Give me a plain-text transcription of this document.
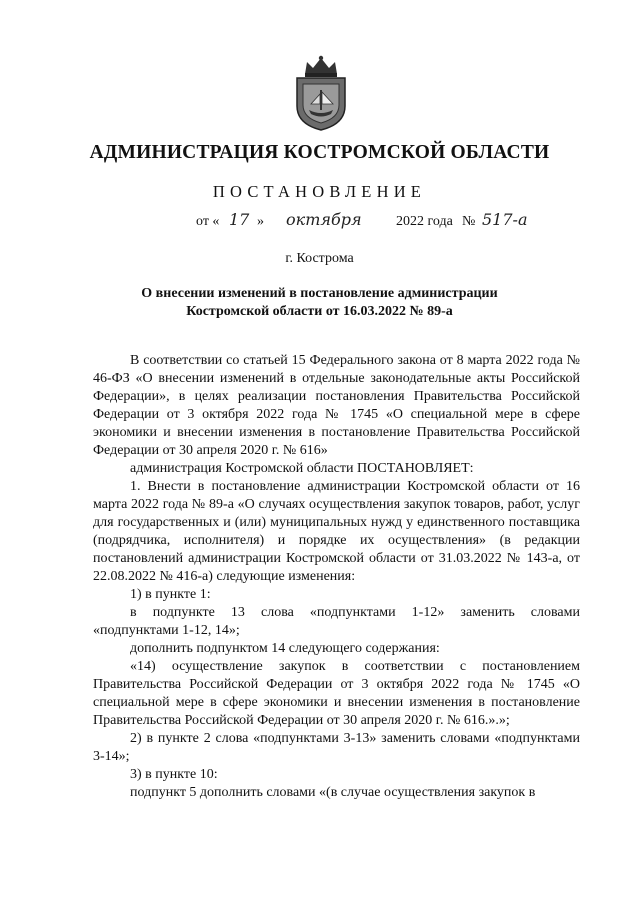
АДМИНИСТРАЦИЯ КОСТРОМСКОЙ ОБЛАСТИ
ПОСТАНОВЛЕНИЕ
от « 17 » октября 2022 года № 517-а
г. Кострома
О внесении изменений в постановление администрации
Костромской области от 16.03.2022 № 89-а

В соответствии со статьей 15 Федерального закона от 8 марта 2022 года № 46-ФЗ «О внесении изменений в отдельные законодательные акты Российской Федерации», в целях реализации постановления Правительства Российской Федерации от 3 октября 2022 года № 1745 «О специальной мере в сфере экономики и внесении изменения в постановление Правительства Российской Федерации от 30 апреля 2020 г. № 616»

администрация Костромской области ПОСТАНОВЛЯЕТ:

1. Внести в постановление администрации Костромской области от 16 марта 2022 года № 89-а «О случаях осуществления закупок товаров, работ, услуг для государственных и (или) муниципальных нужд у единственного поставщика (подрядчика, исполнителя) и порядке их осуществления» (в редакции постановлений администрации Костромской области от 31.03.2022 № 143-а, от 22.08.2022 № 416-а) следующие изменения:

1) в пункте 1:

в подпункте 13 слова «подпунктами 1-12» заменить словами «подпунктами 1-12, 14»;

дополнить подпунктом 14 следующего содержания:

«14) осуществление закупок в соответствии с постановлением Правительства Российской Федерации от 3 октября 2022 года № 1745 «О специальной мере в сфере экономики и внесении изменения в постановление Правительства Российской Федерации от 30 апреля 2020 г. № 616.».»;

2) в пункте 2 слова «подпунктами 3-13» заменить словами «подпунктами 3-14»;

3) в пункте 10:

подпункт 5 дополнить словами «(в случае осуществления закупок в
